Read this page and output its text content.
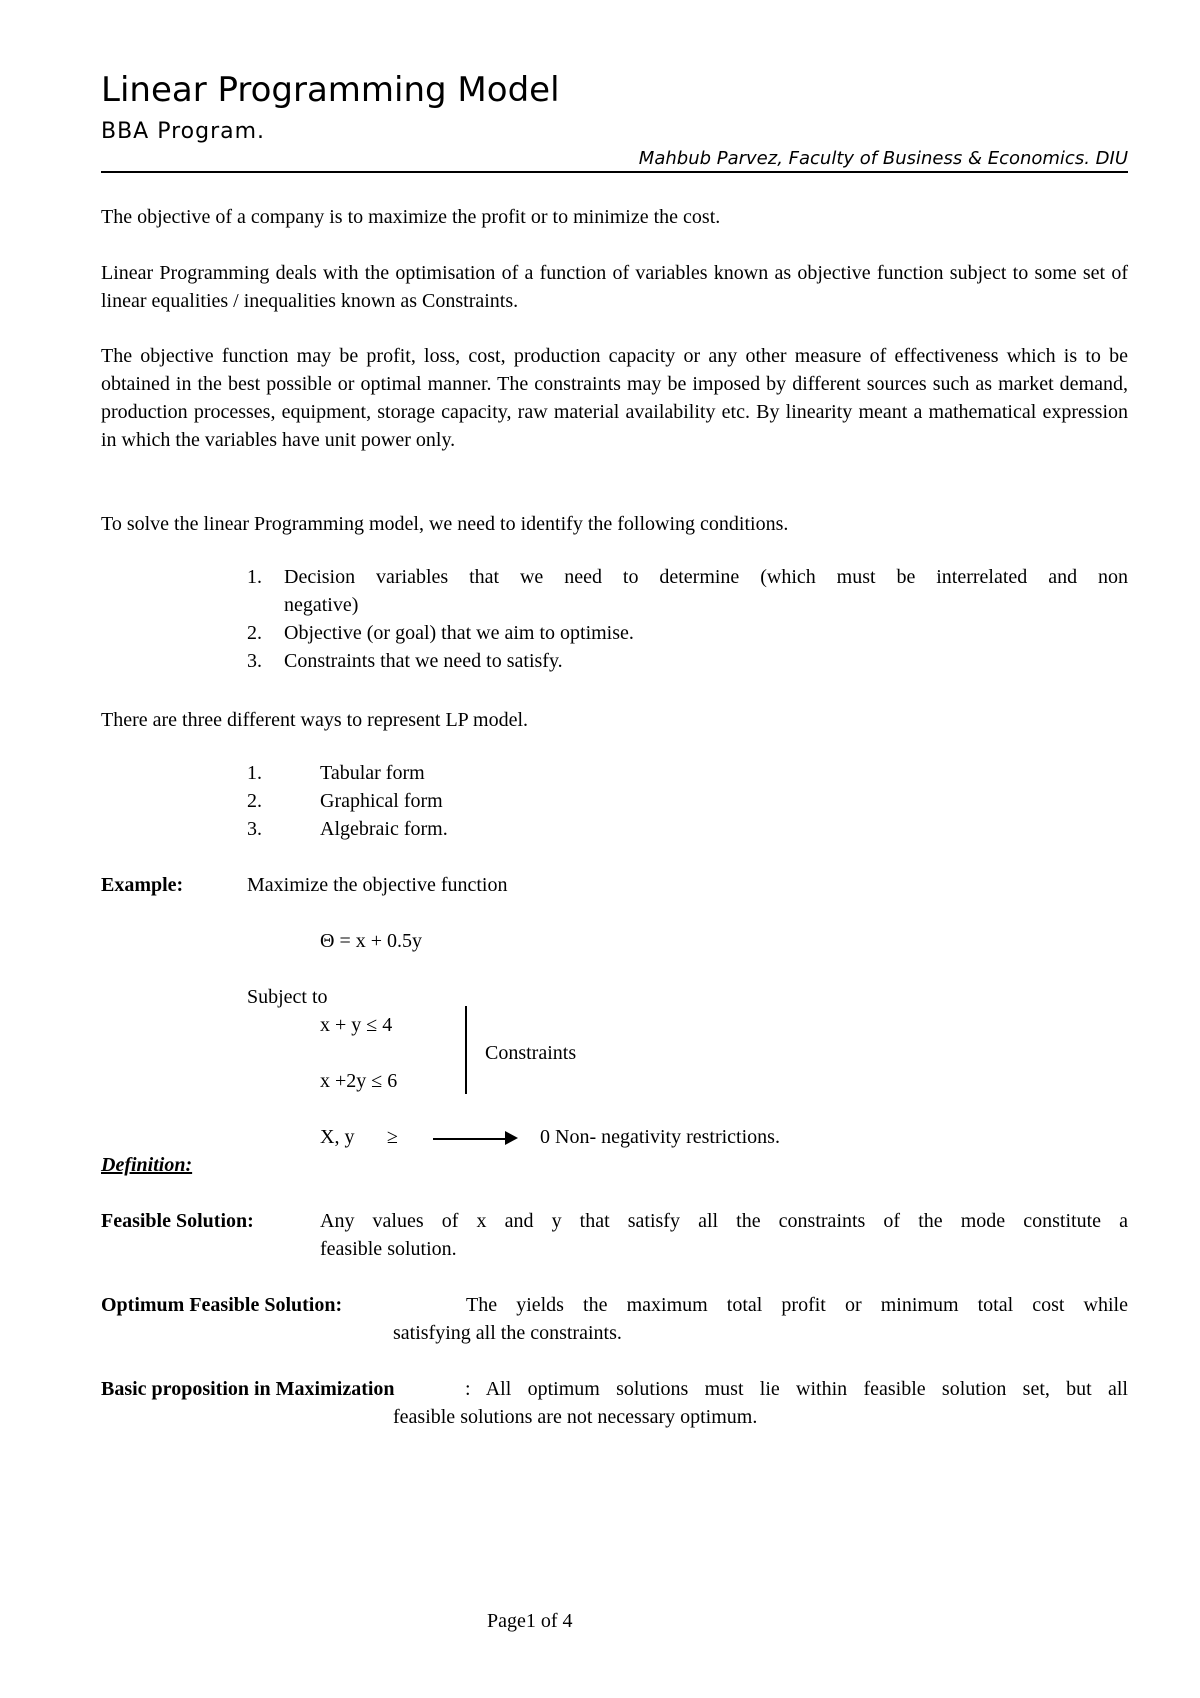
Linear Programming Model
BBA Program.
Mahbub Parvez, Faculty of Business & Economics. DIU
The objective of a company is to maximize the profit or to minimize the cost.
Linear Programming deals with the optimisation of a function of variables known as objective function subject to some set of linear equalities / inequalities known as Constraints.
The objective function may be profit, loss, cost, production capacity or any other measure of effectiveness which is to be obtained in the best possible or optimal manner. The constraints may be imposed by different sources such as market demand, production processes, equipment, storage capacity, raw material availability etc. By linearity meant a mathematical expression in which the variables have unit power only.
To solve the linear Programming model, we need to identify the following conditions.
1. Decision variables that we need to determine (which must be interrelated and non
negative)
2. Objective (or goal) that we aim to optimise.
3. Constraints that we need to satisfy.
There are three different ways to represent LP model.
1.	Tabular form
2.	Graphical form
3.	Algebraic form.
Example:	Maximize the objective function
Θ = x + 0.5y
Subject to
x + y ≤ 4
Constraints
x +2y ≤ 6
X, y ≥	0 Non- negativity restrictions.
Definition:
Feasible Solution:	Any values of x and y that satisfy all the constraints of the mode constitute a
feasible solution.
Optimum Feasible Solution:	The yields the maximum total profit or minimum total cost while
satisfying all the constraints.
Basic proposition in Maximization	: All optimum solutions must lie within feasible solution set, but all
feasible solutions are not necessary optimum.
Page1 of 4
